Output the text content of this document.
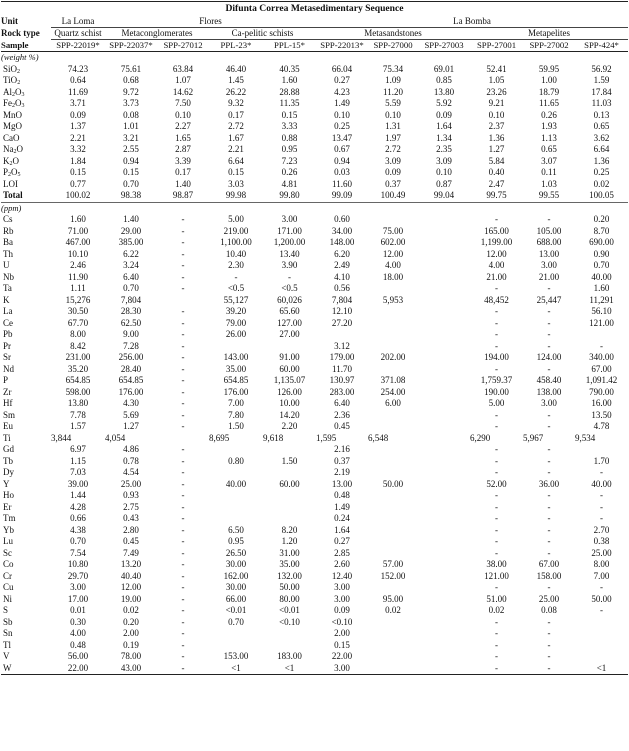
Difunta Correa Metasedimentary Sequence
Unit	La Loma	Flores				La Bomba					
Rock type	Quartz schist	Metaconglomerates		Ca-pelitic schists		Metasandstones			Metapelites		
Sample	SPP-22019*	SPP-22037*	SPP-27012	PPL-23*	PPL-15*	SPP-22013*	SPP-27000	SPP-27003	SPP-27001	SPP-27002	SPP-424*
(weight %)											
SiO$_2$	74.23	75.61	63.84	46.40	40.35	66.04	75.34	69.01	52.41	59.95	56.92
TiO$_2$	0.64	0.68	1.07	1.45	1.60	0.27	1.09	0.85	1.05	1.00	1.59
$Al_2O_3$	11.69	9.72	14.62	26.22	28.88	4.23	11.20	13.80	23.26	18.79	17.84
$Fe_2O_3$	3.71	3.73	7.50	9.32	11.35	1.49	5.59	5.92	9.21	11.65	11.03
MnO	0.09	0.08	0.10	0.17	0.15	0.10	0.10	0.09	0.10	0.26	0.13
MgO	1.37	1.01	2.27	2.72	3.33	0.25	1.31	1.64	2.37	1.93	0.65
CaO	2.21	3.21	1.65	1.67	0.88	13.47	1.97	1.34	1.36	1.13	3.62
$Na_2O$	3.32	2.55	2.87	2.21	0.95	0.67	2.72	2.35	1.27	0.65	6.64
$K_2O$	1.84	0.94	3.39	6.64	7.23	0.94	3.09	3.09	5.84	3.07	1.36
$P_2O_5$	0.15	0.15	0.17	0.15	0.26	0.03	0.09	0.10	0.40	0.11	0.25
LOI	0.77	0.70	1.40	3.03	4.81	11.60	0.37	0.87	2.47	1.03	0.02
Total	100.02	98.38	98.87	99.98	99.80	99.09	100.49	99.04	99.75	99.55	100.05
(ppm)											
Cs	1.60	1.40	-	5.00	3.00	0.60			-	-	0.20
Rb	71.00	29.00	-	219.00	171.00	34.00	75.00		165.00	105.00	8.70
Ba	467.00	385.00	-	1,100.00	1,200.00	148.00	602.00		1,199.00	688.00	690.00
Th	10.10	6.22	-	10.40	13.40	6.20	12.00		12.00	13.00	0.90
U	2.46	3.24	-	2.30	3.90	2.49	4.00		4.00	3.00	0.70
Nb	11.90	6.40	-	-	-	4.10	18.00		21.00	21.00	40.00
Ta	1.11	0.70	-	<0.5	<0.5	0.56			-	-	1.60
K	15,276	7,804		55,127	60,026	7,804	5,953		48,452	25,447	11,291
La	30.50	28.30	-	39.20	65.60	12.10			-	-	56.10
Ce	67.70	62.50	-	79.00	127.00	27.20			-	-	121.00
Pb	8.00	9.00	-	26.00	27.00				-	-	
Pr	8.42	7.28	-			3.12			-	-	-
Sr	231.00	256.00	-	143.00	91.00	179.00	202.00		194.00	124.00	340.00
Nd	35.20	28.40	-	35.00	60.00	11.70			-	-	67.00
P	654.85	654.85	-	654.85	1,135.07	130.97	371.08		1,759.37	458.40	1,091.42
Zr	598.00	176.00	-	176.00	126.00	283.00	254.00		190.00	138.00	790.00
Hf	13.80	4.30	-	7.00	10.00	6.40	6.00		5.00	3.00	16.00
Sm	7.78	5.69	-	7.80	14.20	2.36			-	-	13.50
Eu	1.57	1.27	-	1.50	2.20	0.45			-	-	4.78
Ti	3,844	4,054		8,695	9,618	1,595	6,548		6,290	5,967	9,534
Gd	6.97	4.86	-			2.16			-	-	
Tb	1.15	0.78	-	0.80	1.50	0.37			-	-	1.70
Dy	7.03	4.54	-			2.19			-	-	-
Y	39.00	25.00	-	40.00	60.00	13.00	50.00		52.00	36.00	40.00
Ho	1.44	0.93	-			0.48			-	-	-
Er	4.28	2.75	-			1.49			-	-	-
Tm	0.66	0.43	-			0.24			-	-	-
Yb	4.38	2.80	-	6.50	8.20	1.64			-	-	2.70
Lu	0.70	0.45	-	0.95	1.20	0.27			-	-	0.38
Sc	7.54	7.49	-	26.50	31.00	2.85			-	-	25.00
Co	10.80	13.20	-	30.00	35.00	2.60	57.00		38.00	67.00	8.00
Cr	29.70	40.40	-	162.00	132.00	12.40	152.00		121.00	158.00	7.00
Cu	3.00	12.00	-	30.00	50.00	3.00			-	-	-
Ni	17.00	19.00	-	66.00	80.00	3.00	95.00		51.00	25.00	50.00
S	0.01	0.02	-	<0.01	<0.01	0.09	0.02		0.02	0.08	-
Sb	0.30	0.20	-	0.70	<0.10	<0.10			-	-	
Sn	4.00	2.00	-			2.00			-	-	
Tl	0.48	0.19	-			0.15			-	-	
V	56.00	78.00	-	153.00	183.00	22.00			-	-	
W	22.00	43.00	-	<1	<1	3.00			-	-	<1
